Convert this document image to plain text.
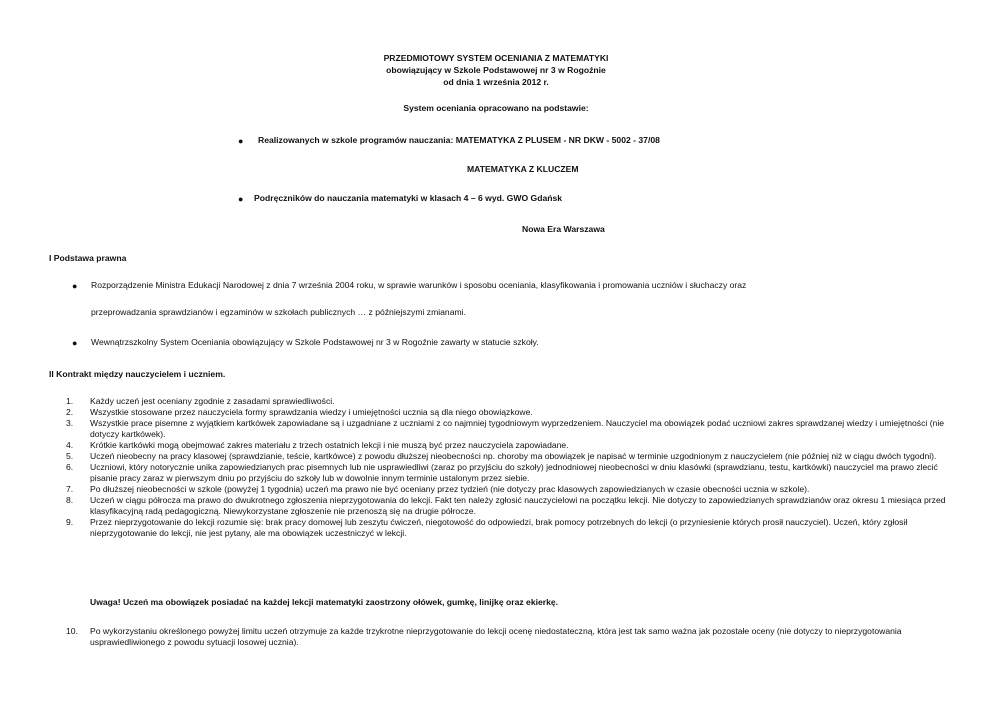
PRZEDMIOTOWY SYSTEM OCENIANIA Z MATEMATYKI
obowiązujący w Szkole Podstawowej nr 3 w Rogoźnie
od dnia 1 września 2012 r.
System oceniania opracowano na podstawie:
● Realizowanych w szkole programów nauczania: MATEMATYKA Z PLUSEM - NR DKW - 5002 - 37/08
MATEMATYKA Z KLUCZEM
● Podręczników do nauczania matematyki w klasach 4 – 6 wyd. GWO Gdańsk
Nowa Era Warszawa
I Podstawa prawna
● Rozporządzenie Ministra Edukacji Narodowej z dnia 7 września 2004 roku, w sprawie warunków i sposobu oceniania, klasyfikowania i promowania uczniów i słuchaczy oraz
przeprowadzania sprawdzianów i egzaminów w szkołach publicznych … z późniejszymi zmianami.
● Wewnątrzszkolny System Oceniania obowiązujący w Szkole Podstawowej nr 3 w Rogoźnie zawarty w statucie szkoły.
II Kontrakt między nauczycielem i uczniem.
1. Każdy uczeń jest oceniany zgodnie z zasadami sprawiedliwości.
2. Wszystkie stosowane przez nauczyciela formy sprawdzania wiedzy i umiejętności ucznia są dla niego obowiązkowe.
3. Wszystkie prace pisemne z wyjątkiem kartkówek zapowiadane są i uzgadniane z uczniami z co najmniej tygodniowym wyprzedzeniem. Nauczyciel ma obowiązek podać uczniowi zakres sprawdzanej wiedzy i umiejętności (nie dotyczy kartkówek).
4. Krótkie kartkówki mogą obejmować zakres materiału z trzech ostatnich lekcji i nie muszą być przez nauczyciela zapowiadane.
5. Uczeń nieobecny na pracy klasowej (sprawdzianie, teście, kartkówce) z powodu dłuższej nieobecności np. choroby ma obowiązek je napisać w terminie uzgodnionym z nauczycielem (nie później niż w ciągu dwóch tygodni).
6. Uczniowi, który notorycznie unika zapowiedzianych prac pisemnych lub nie usprawiedliwi (zaraz po przyjściu do szkoły) jednodniowej nieobecności w dniu klasówki (sprawdzianu, testu, kartkówki) nauczyciel ma prawo zlecić pisanie pracy zaraz w pierwszym dniu po przyjściu do szkoły lub w dowolnie innym terminie ustalonym przez siebie.
7. Po dłuższej nieobecności w szkole (powyżej 1 tygodnia) uczeń ma prawo nie być oceniany przez tydzień (nie dotyczy prac klasowych zapowiedzianych w czasie obecności ucznia w szkole).
8. Uczeń w ciągu półrocza ma prawo do dwukrotnego zgłoszenia nieprzygotowania do lekcji. Fakt ten należy zgłosić nauczycielowi na początku lekcji. Nie dotyczy to zapowiedzianych sprawdzianów oraz okresu 1 miesiąca przed klasyfikacyjną radą pedagogiczną. Niewykorzystane zgłoszenie nie przenoszą się na drugie półrocze.
9. Przez nieprzygotowanie do lekcji rozumie się: brak pracy domowej lub zeszytu ćwiczeń, niegotowość do odpowiedzi, brak pomocy potrzebnych do lekcji (o przyniesienie których prosił nauczyciel). Uczeń, który zgłosił nieprzygotowanie do lekcji, nie jest pytany, ale ma obowiązek uczestniczyć w lekcji.
Uwaga! Uczeń ma obowiązek posiadać na każdej lekcji matematyki zaostrzony ołówek, gumkę, linijkę oraz ekierkę.
10.	Po wykorzystaniu określonego powyżej limitu uczeń otrzymuje za każde trzykrotne nieprzygotowanie do lekcji ocenę niedostateczną, która jest tak samo ważna jak pozostałe oceny (nie dotyczy to nieprzygotowania usprawiedliwionego z powodu sytuacji losowej ucznia).
